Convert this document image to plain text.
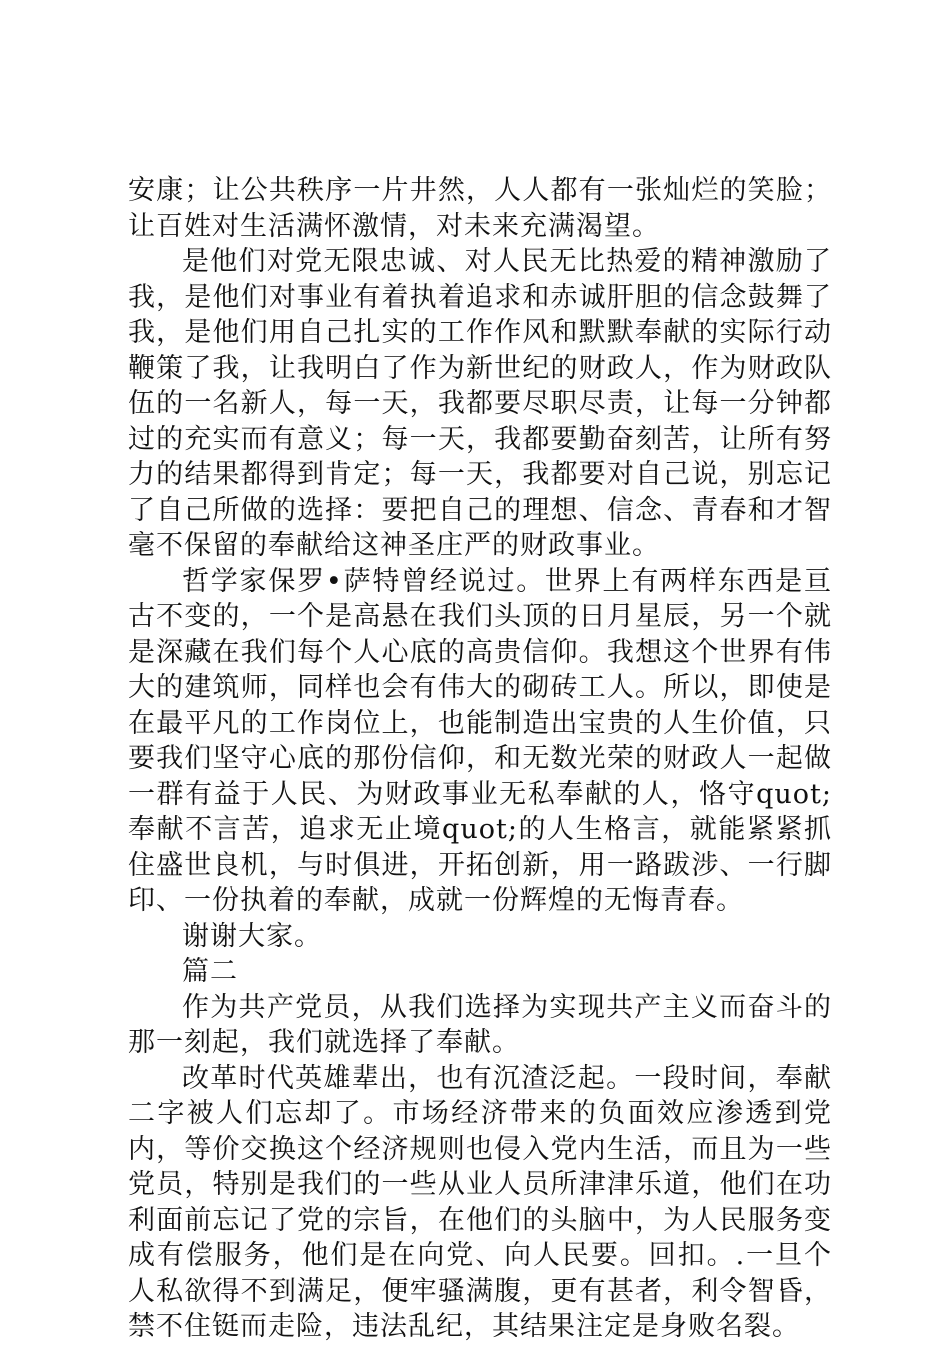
安康；让公共秩序一片井然，人人都有一张灿烂的笑脸；让百姓对生活满怀激情，对未来充满渴望。

是他们对党无限忠诚、对人民无比热爱的精神激励了我，是他们对事业有着执着追求和赤诚肝胆的信念鼓舞了我，是他们用自己扎实的工作作风和默默奉献的实际行动鞭策了我，让我明白了作为新世纪的财政人，作为财政队伍的一名新人，每一天，我都要尽职尽责，让每一分钟都过的充实而有意义；每一天，我都要勤奋刻苦，让所有努力的结果都得到肯定；每一天，我都要对自己说，别忘记了自己所做的选择：要把自己的理想、信念、青春和才智毫不保留的奉献给这神圣庄严的财政事业。

哲学家保罗•萨特曾经说过。世界上有两样东西是亘古不变的，一个是高悬在我们头顶的日月星辰，另一个就是深藏在我们每个人心底的高贵信仰。我想这个世界有伟大的建筑师，同样也会有伟大的砌砖工人。所以，即使是在最平凡的工作岗位上，也能制造出宝贵的人生价值，只要我们坚守心底的那份信仰，和无数光荣的财政人一起做一群有益于人民、为财政事业无私奉献的人，恪守quot;奉献不言苦，追求无止境quot;的人生格言，就能紧紧抓住盛世良机，与时俱进，开拓创新，用一路跋涉、一行脚印、一份执着的奉献，成就一份辉煌的无悔青春。

谢谢大家。

篇二

作为共产党员，从我们选择为实现共产主义而奋斗的那一刻起，我们就选择了奉献。

改革时代英雄辈出，也有沉渣泛起。一段时间，奉献二字被人们忘却了。市场经济带来的负面效应渗透到党内，等价交换这个经济规则也侵入党内生活，而且为一些党员，特别是我们的一些从业人员所津津乐道，他们在功利面前忘记了党的宗旨，在他们的头脑中，为人民服务变成有偿服务，他们是在向党、向人民要。回扣。.一旦个人私欲得不到满足，便牢骚满腹，更有甚者，利令智昏，禁不住铤而走险，违法乱纪，其结果注定是身败名裂。
